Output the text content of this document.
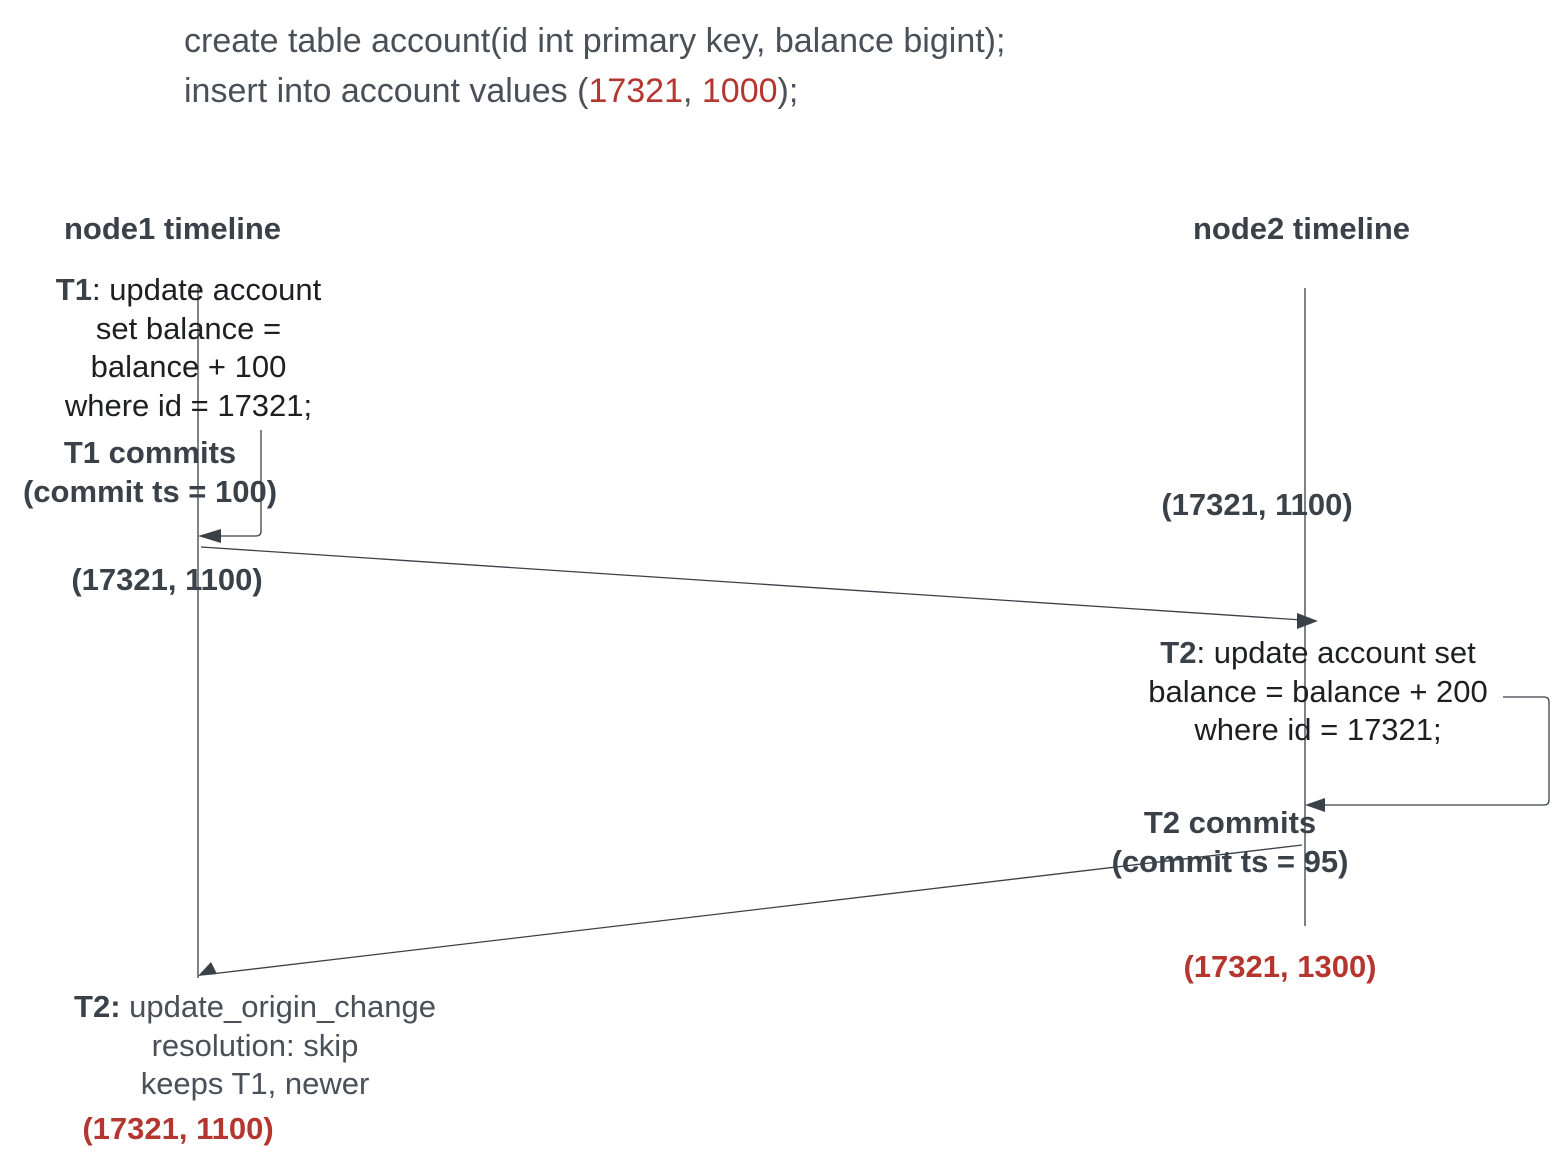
create table account(id int primary key, balance bigint);
insert into account values (17321, 1000);
node1 timeline	node2 timeline
T1: update account
set balance =
balance + 100
where id = 17321;
T1 commits
(commit ts = 100)
(17321, 1100)
(17321, 1100)
T2: update account set
balance = balance + 200
where id = 17321;
T2 commits
(commit ts = 95)
(17321, 1300)
T2: update_origin_change
resolution: skip
keeps T1, newer
(17321, 1100)
